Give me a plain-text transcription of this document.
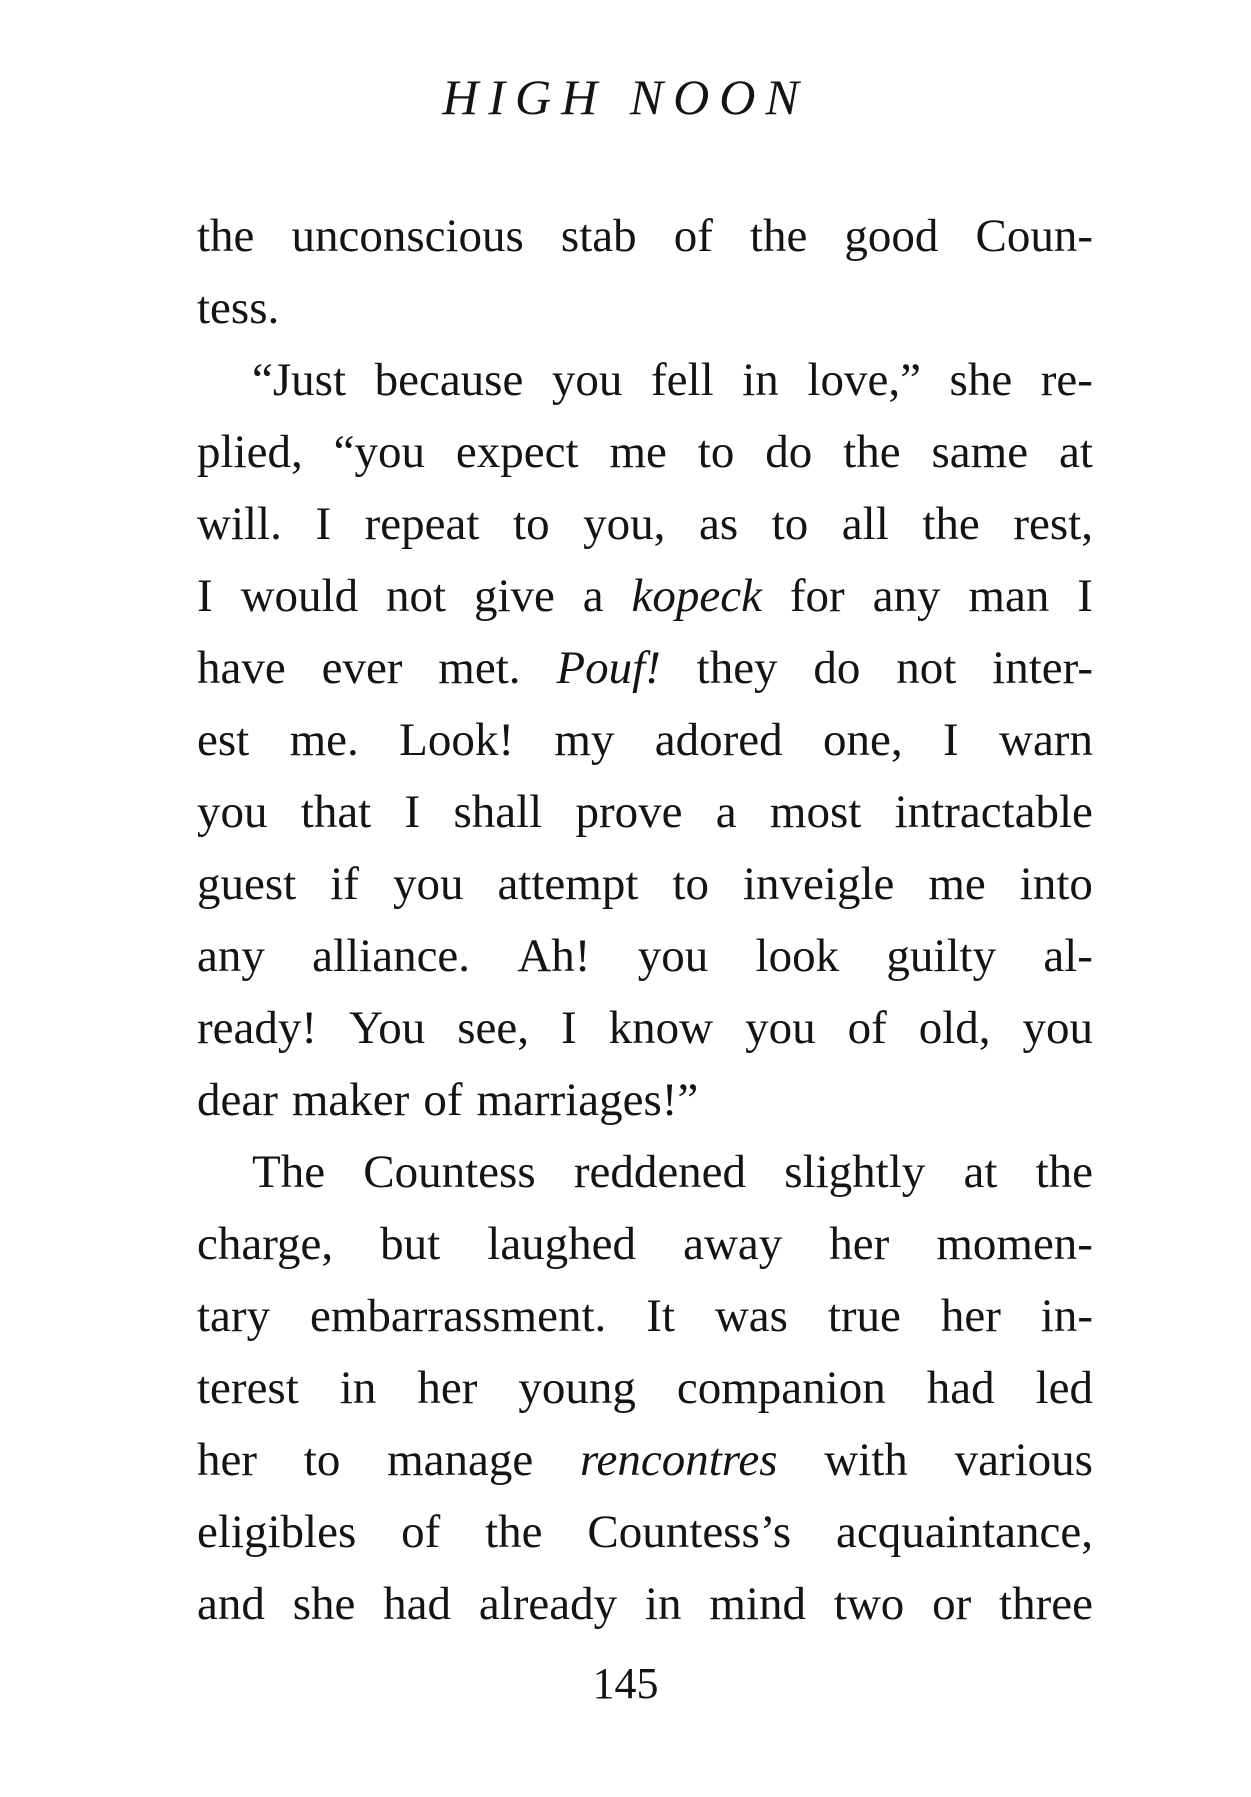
HIGH NOON
the unconscious stab of the good Coun-
tess.
“Just because you fell in love,” she re-
plied, “you expect me to do the same at
will. I repeat to you, as to all the rest,
I would not give a kopeck for any man I
have ever met. Pouf! they do not inter-
est me. Look! my adored one, I warn
you that I shall prove a most intractable
guest if you attempt to inveigle me into
any alliance. Ah! you look guilty al-
ready! You see, I know you of old, you
dear maker of marriages!”
The Countess reddened slightly at the
charge, but laughed away her momen-
tary embarrassment. It was true her in-
terest in her young companion had led
her to manage rencontres with various
eligibles of the Countess’s acquaintance,
and she had already in mind two or three
145
